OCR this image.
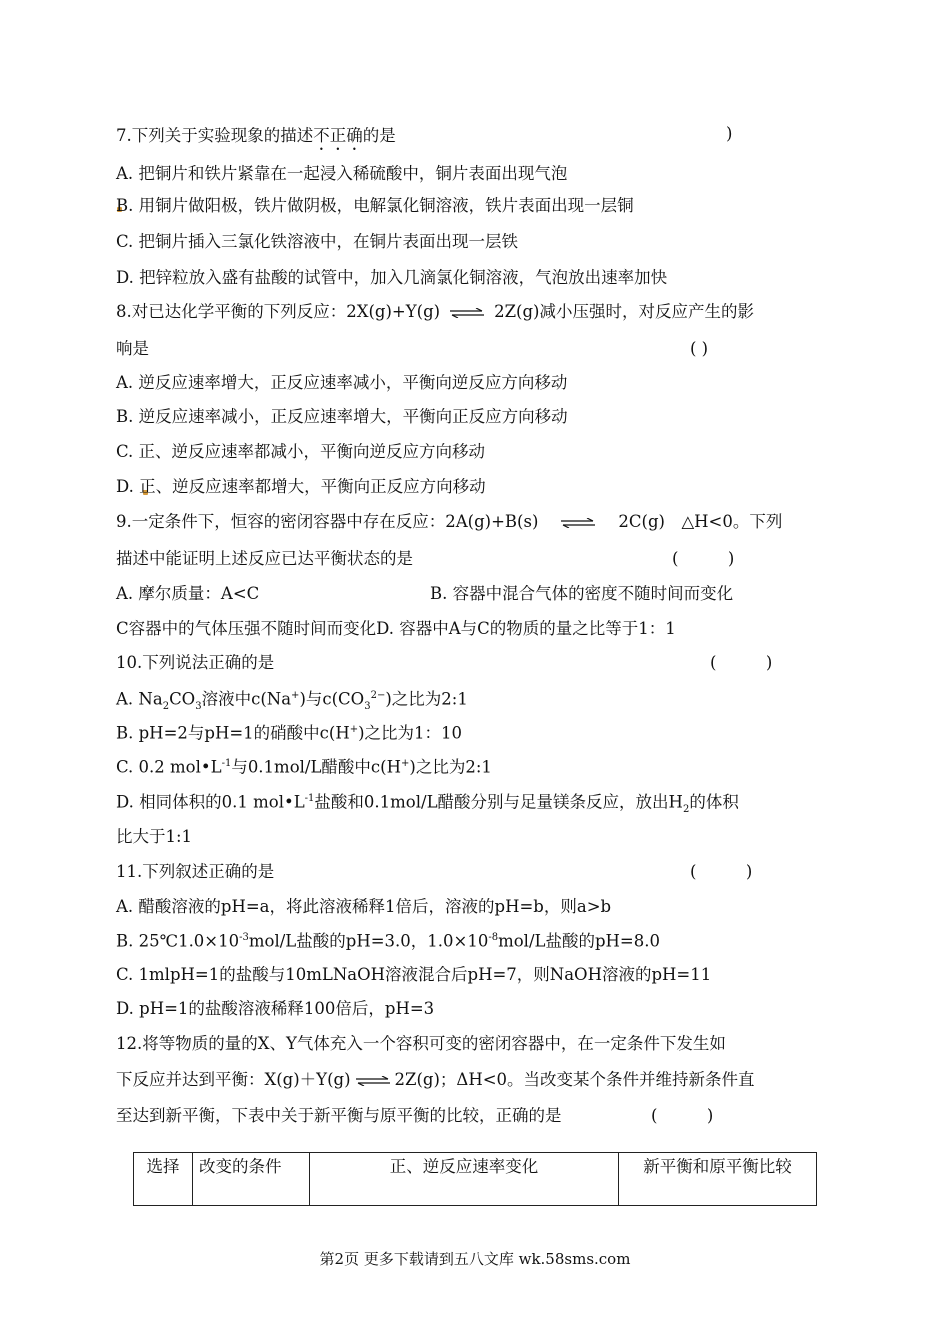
7.下列关于实验现象的描述不正确的是	)
A. 把铜片和铁片紧靠在一起浸入稀硫酸中，铜片表面出现气泡
B. 用铜片做阳极，铁片做阴极，电解氯化铜溶液，铁片表面出现一层铜
C. 把铜片插入三氯化铁溶液中，在铜片表面出现一层铁
D. 把锌粒放入盛有盐酸的试管中，加入几滴氯化铜溶液，气泡放出速率加快
8.对已达化学平衡的下列反应：2X(g)+Y(g) ⇌ 2Z(g)减小压强时，对反应产生的影
响是	( )
A. 逆反应速率增大，正反应速率减小，平衡向逆反应方向移动
B. 逆反应速率减小，正反应速率增大，平衡向正反应方向移动
C. 正、逆反应速率都减小，平衡向逆反应方向移动
D. 正、逆反应速率都增大，平衡向正反应方向移动
9.一定条件下，恒容的密闭容器中存在反应：2A(g)+B(s) ⇌ 2C(g)　△H<0。下列
描述中能证明上述反应已达平衡状态的是	(　　　)
A. 摩尔质量：A<C	B. 容器中混合气体的密度不随时间而变化
C容器中的气体压强不随时间而变化D. 容器中A与C的物质的量之比等于1：1
10.下列说法正确的是	(　　　)
A. $Na_2CO_3$溶液中c(Na+)与$c(CO_3^{2-})$之比为2:1
B. pH=2与pH=1的硝酸中c(H+)之比为1：10
C. 0.2 $mol•L^{-1}$与0.1mol/L醋酸中c(H+)之比为2:1
D. 相同体积的0.1 $mol•L^{-1}$盐酸和0.1mol/L醋酸分别与足量镁条反应，放出$H_2$的体积
比大于1:1
11.下列叙述正确的是	(　　　)
A. 醋酸溶液的pH=a，将此溶液稀释1倍后，溶液的pH=b，则a>b
B. $25℃1.0\times 10^{-3}mol/L$盐酸的pH=3.0，$1.0\times 10^{-8}mol/L$盐酸的pH=8.0
C. 1mlpH=1的盐酸与10mLNaOH溶液混合后pH=7，则NaOH溶液的pH=11
D. pH=1的盐酸溶液稀释100倍后，pH=3
12.将等物质的量的X、Y气体充入一个容积可变的密闭容器中，在一定条件下发生如
下反应并达到平衡：X(g)＋Y(g) ⇌ 2Z(g)；ΔH<0。当改变某个条件并维持新条件直
至达到新平衡，下表中关于新平衡与原平衡的比较，正确的是	(　　　)
选择	改变的条件	正、逆反应速率变化	新平衡和原平衡比较
第2页 更多下载请到五八文库 wk.58sms.com
